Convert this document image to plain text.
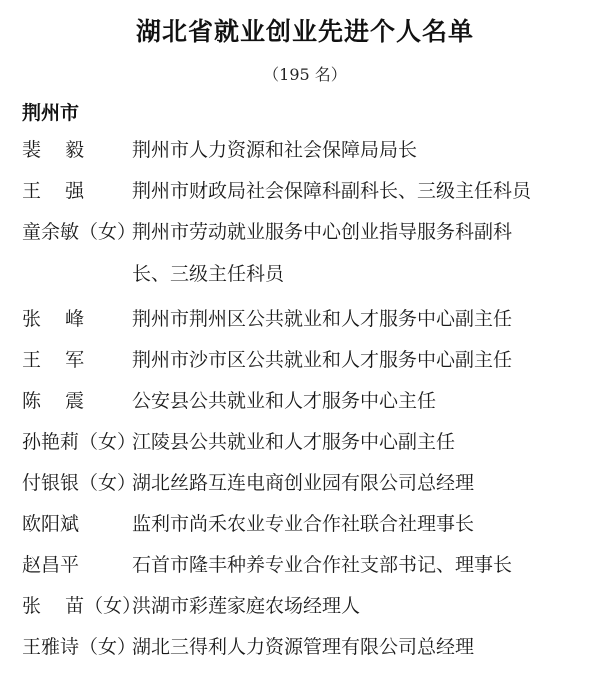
湖北省就业创业先进个人名单
（195 名）
荆州市
裴    毅	荆州市人力资源和社会保障局局长
王    强	荆州市财政局社会保障科副科长、三级主任科员
童余敏（女）荆州市劳动就业服务中心创业指导服务科副科
长、三级主任科员
张    峰	荆州市荆州区公共就业和人才服务中心副主任
王    军	荆州市沙市区公共就业和人才服务中心副主任
陈    震	公安县公共就业和人才服务中心主任
孙艳莉（女）江陵县公共就业和人才服务中心副主任
付银银（女）湖北丝路互连电商创业园有限公司总经理
欧阳斌	监利市尚禾农业专业合作社联合社理事长
赵昌平	石首市隆丰种养专业合作社支部书记、理事长
张    苗（女）洪湖市彩莲家庭农场经理人
王雅诗（女）湖北三得利人力资源管理有限公司总经理
